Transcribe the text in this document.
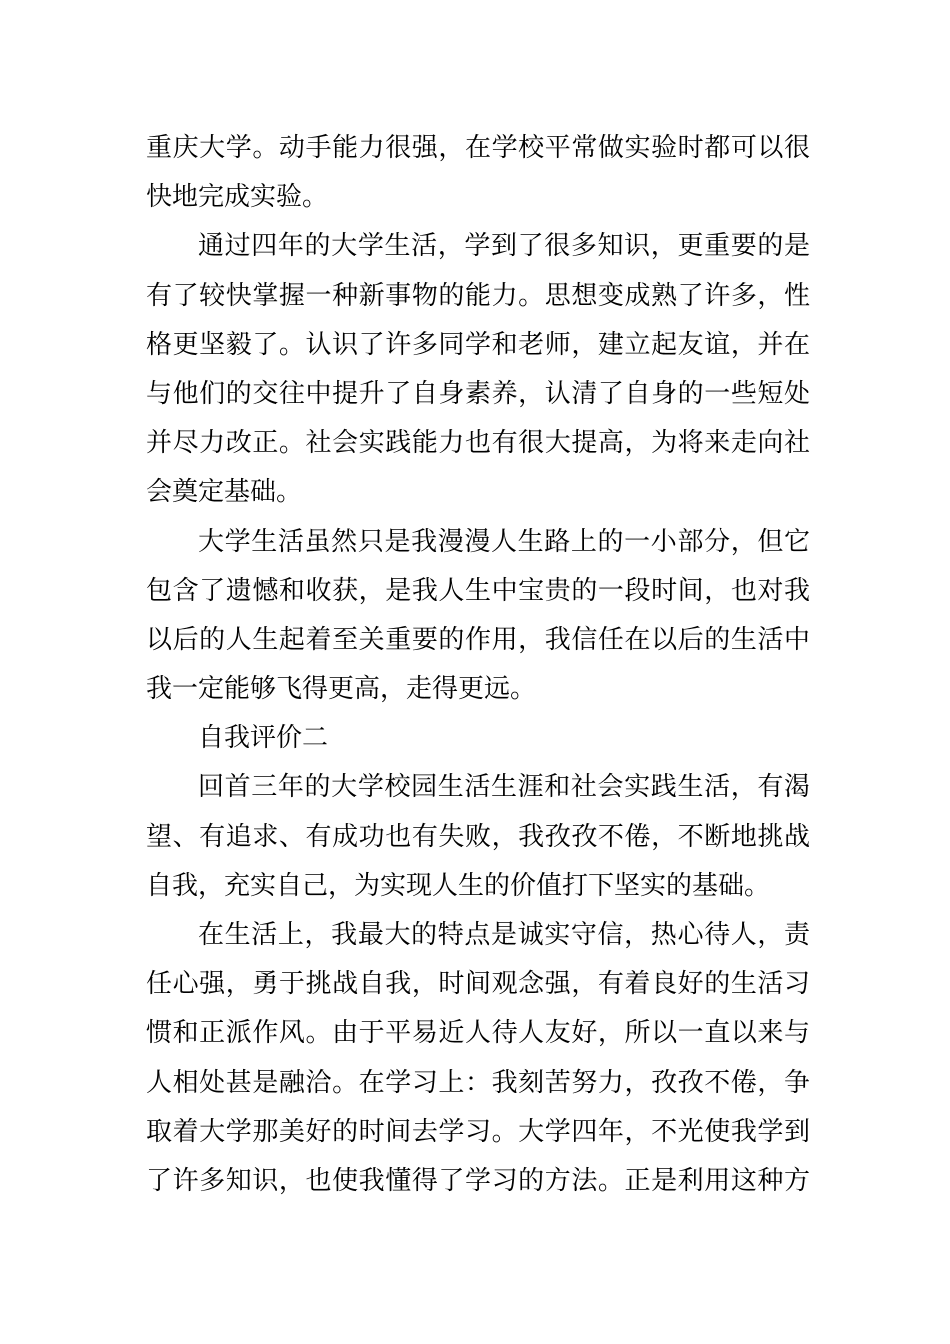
重庆大学。动手能力很强，在学校平常做实验时都可以很
快地完成实验。
通过四年的大学生活，学到了很多知识，更重要的是
有了较快掌握一种新事物的能力。思想变成熟了许多，性
格更坚毅了。认识了许多同学和老师，建立起友谊，并在
与他们的交往中提升了自身素养，认清了自身的一些短处
并尽力改正。社会实践能力也有很大提高，为将来走向社
会奠定基础。
大学生活虽然只是我漫漫人生路上的一小部分，但它
包含了遗憾和收获，是我人生中宝贵的一段时间，也对我
以后的人生起着至关重要的作用，我信任在以后的生活中
我一定能够飞得更高，走得更远。
自我评价二
回首三年的大学校园生活生涯和社会实践生活，有渴
望、有追求、有成功也有失败，我孜孜不倦，不断地挑战
自我，充实自己，为实现人生的价值打下坚实的基础。
在生活上，我最大的特点是诚实守信，热心待人，责
任心强，勇于挑战自我，时间观念强，有着良好的生活习
惯和正派作风。由于平易近人待人友好，所以一直以来与
人相处甚是融洽。在学习上：我刻苦努力，孜孜不倦，争
取着大学那美好的时间去学习。大学四年，不光使我学到
了许多知识，也使我懂得了学习的方法。正是利用这种方
